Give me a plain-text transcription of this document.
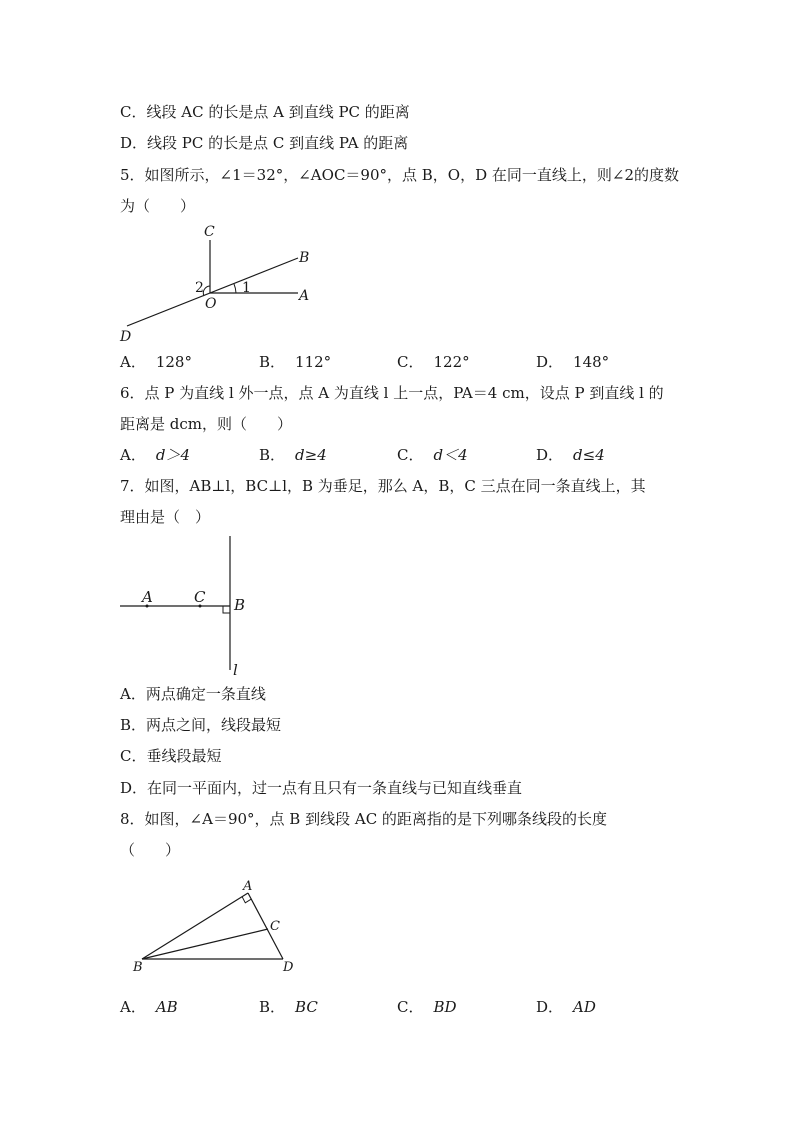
C．线段 AC 的长是点 A 到直线 PC 的距离
D．线段 PC 的长是点 C 到直线 PA 的距离
5．如图所示，∠1＝32°，∠AOC＝90°，点 B，O，D 在同一直线上，则∠2的度数
为（　　）
C
B
A
O
D
1
2
A． 128°	B． 112°	C． 122°	D． 148°
6．点 P 为直线 l 外一点，点 A 为直线 l 上一点，PA＝4 cm，设点 P 到直线 l 的
距离是 dcm，则（　　）
A． d＞4	B． d≥4	C． d＜4	D． d≤4
7．如图，AB⊥l，BC⊥l，B 为垂足，那么 A，B，C 三点在同一条直线上，其
理由是（　）
A	C B
l
A．两点确定一条直线
B．两点之间，线段最短
C．垂线段最短
D．在同一平面内，过一点有且只有一条直线与已知直线垂直
8．如图，∠A＝90°，点 B 到线段 AC 的距离指的是下列哪条线段的长度
（　　）
A
B
C
D
A． AB	B． BC	C． BD	D． AD
